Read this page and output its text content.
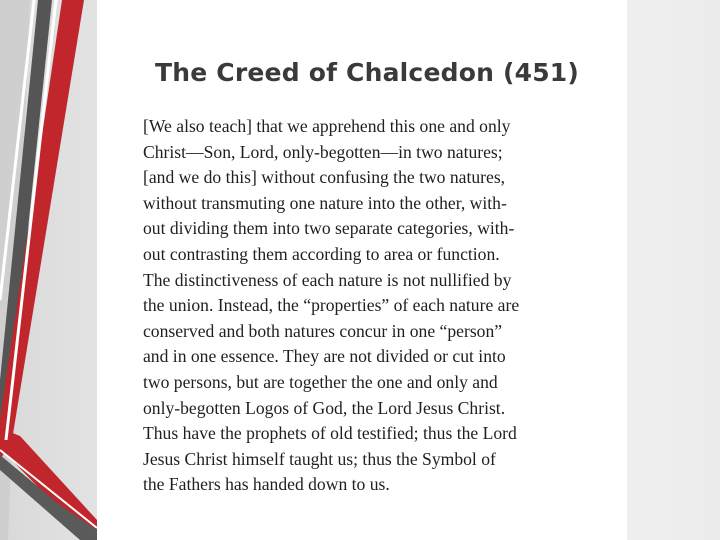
The Creed of Chalcedon (451)
[We also teach] that we apprehend this one and only
Christ—Son, Lord, only-begotten—in two natures;
[and we do this] without confusing the two natures,
without transmuting one nature into the other, with-
out dividing them into two separate categories, with-
out contrasting them according to area or function.
The distinctiveness of each nature is not nullified by
the union. Instead, the “properties” of each nature are
conserved and both natures concur in one “person”
and in one essence. They are not divided or cut into
two persons, but are together the one and only and
only-begotten Logos of God, the Lord Jesus Christ.
Thus have the prophets of old testified; thus the Lord
Jesus Christ himself taught us; thus the Symbol of
the Fathers has handed down to us.
